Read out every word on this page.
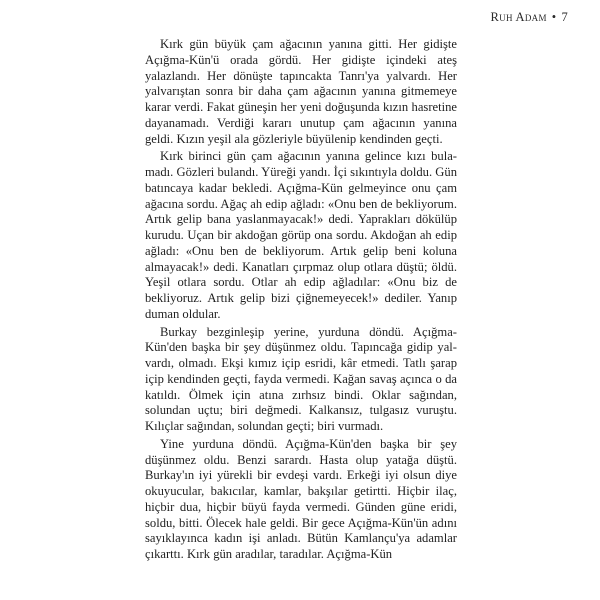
Ruh Adam • 7

Kırk gün büyük çam ağacının yanına gitti. Her gidişte Açığma-Kün'ü orada gördü. Her gidişte içindeki ateş yalazlandı. Her dönüşte tapıncakta Tanrı'ya yalvardı. Her yalvarıştan sonra bir daha çam ağacının yanına gitmemeye karar verdi. Fakat güneşin her yeni doğuşunda kızın hasretine dayanamadı. Verdiği kararı unutup çam ağacının yanına geldi. Kızın yeşil ala gözleriyle büyülenip kendinden geçti.

Kırk birinci gün çam ağacının yanına gelince kızı bulamadı. Gözleri bulandı. Yüreği yandı. İçi sıkıntıyla doldu. Gün batıncaya kadar bekledi. Açığma-Kün gelmeyince onu çam ağacına sordu. Ağaç ah edip ağladı: «Onu ben de bekliyorum. Artık gelip bana yaslanmayacak!» dedi. Yaprakları dökülüp kurudu. Uçan bir akdoğan görüp ona sordu. Akdoğan ah edip ağladı: «Onu ben de bekliyorum. Artık gelip beni koluna almayacak!» dedi. Kanatları çırpmaz olup otlara düştü; öldü. Yeşil otlara sordu. Otlar ah edip ağladılar: «Onu biz de bekliyoruz. Artık gelip bizi çiğnemeyecek!» dediler. Yanıp duman oldular.

Burkay bezginleşip yerine, yurduna döndü. Açığma-Kün'den başka bir şey düşünmez oldu. Tapıncağa gidip yalvardı, olmadı. Ekşi kımız içip esridi, kâr etmedi. Tatlı şarap içip kendinden geçti, fayda vermedi. Kağan savaş açınca o da katıldı. Ölmek için atına zırhsız bindi. Oklar sağından, solundan uçtu; biri değmedi. Kalkansız, tulgasız vuruştu. Kılıçlar sağından, solundan geçti; biri vurmadı.

Yine yurduna döndü. Açığma-Kün'den başka bir şey düşünmez oldu. Benzi sarardı. Hasta olup yatağa düştü. Burkay'ın iyi yürekli bir evdeşi vardı. Erkeği iyi olsun diye okuyucular, bakıcılar, kamlar, bakşılar getirtti. Hiçbir ilaç, hiçbir dua, hiçbir büyü fayda vermedi. Günden güne eridi, soldu, bitti. Ölecek hale geldi. Bir gece Açığma-Kün'ün adını sayıklayınca kadın işi anladı. Bütün Kamlançu'ya adamlar çıkarttı. Kırk gün aradılar, taradılar. Açığma-Kün
